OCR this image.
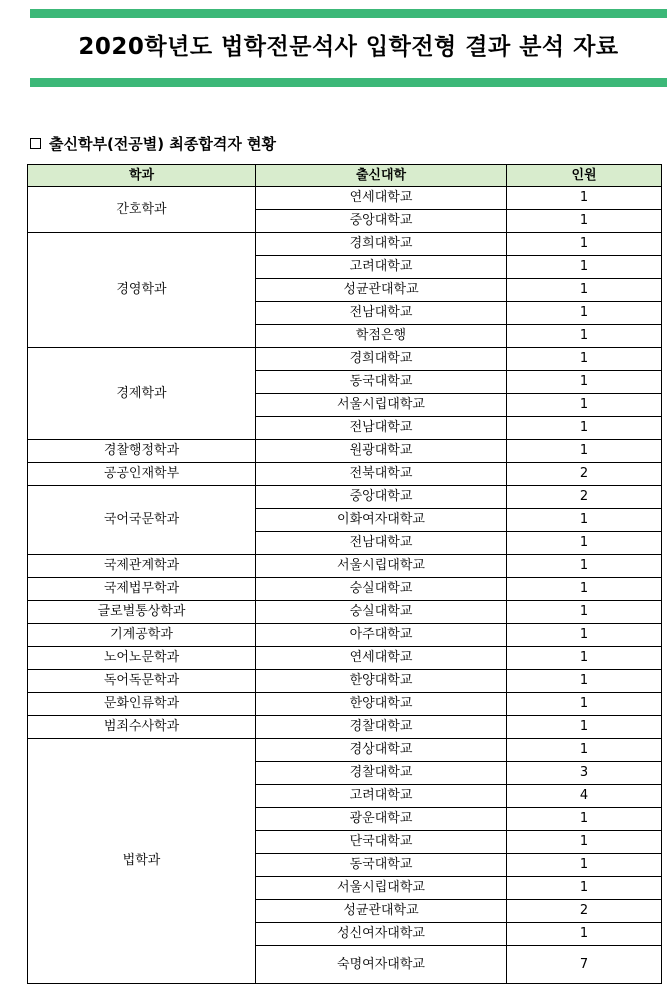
2020학년도 법학전문석사 입학전형 결과 분석 자료
출신학부(전공별) 최종합격자 현황
학과	출신대학	인원
간호학과	연세대학교	1
	중앙대학교	1
경영학과	경희대학교	1
	고려대학교	1
	성균관대학교	1
	전남대학교	1
	학점은행	1
경제학과	경희대학교	1
	동국대학교	1
	서울시립대학교	1
	전남대학교	1
경찰행정학과	원광대학교	1
공공인재학부	전북대학교	2
국어국문학과	중앙대학교	2
	이화여자대학교	1
	전남대학교	1
국제관계학과	서울시립대학교	1
국제법무학과	숭실대학교	1
글로벌통상학과	숭실대학교	1
기계공학과	아주대학교	1
노어노문학과	연세대학교	1
독어독문학과	한양대학교	1
문화인류학과	한양대학교	1
범죄수사학과	경찰대학교	1
법학과	경상대학교	1
	경찰대학교	3
	고려대학교	4
	광운대학교	1
	단국대학교	1
	동국대학교	1
	서울시립대학교	1
	성균관대학교	2
	성신여자대학교	1
	숙명여자대학교	7
